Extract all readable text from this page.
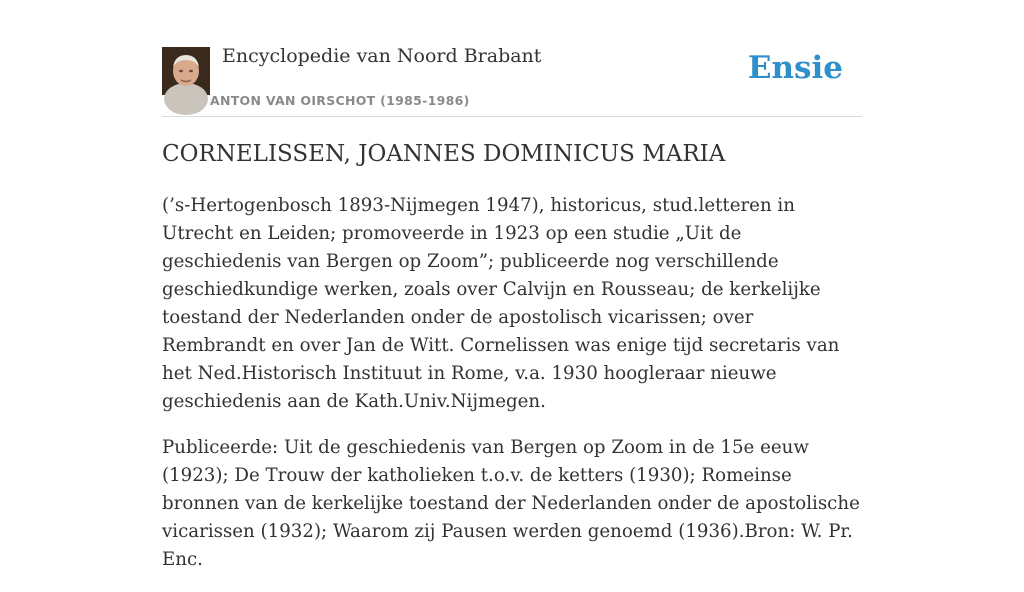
Encyclopedie van Noord Brabant
ANTON VAN OIRSCHOT (1985-1986)
Ensie
CORNELISSEN, JOANNES DOMINICUS MARIA

(’s-Hertogenbosch 1893-Nijmegen 1947), historicus, stud.letteren in Utrecht en Leiden; promoveerde in 1923 op een studie „Uit de geschiedenis van Bergen op Zoom”; publiceerde nog verschillende geschiedkundige werken, zoals over Calvijn en Rousseau; de kerkelijke toestand der Nederlanden onder de apostolisch vicarissen; over Rembrandt en over Jan de Witt. Cornelissen was enige tijd secretaris van het Ned.Historisch Instituut in Rome, v.a. 1930 hoogleraar nieuwe geschiedenis aan de Kath.Univ.Nijmegen.

Publiceerde: Uit de geschiedenis van Bergen op Zoom in de 15e eeuw (1923); De Trouw der katholieken t.o.v. de ketters (1930); Romeinse bronnen van de kerkelijke toestand der Nederlanden onder de apostolische vicarissen (1932); Waarom zij Pausen werden genoemd (1936).Bron: W. Pr. Enc.
